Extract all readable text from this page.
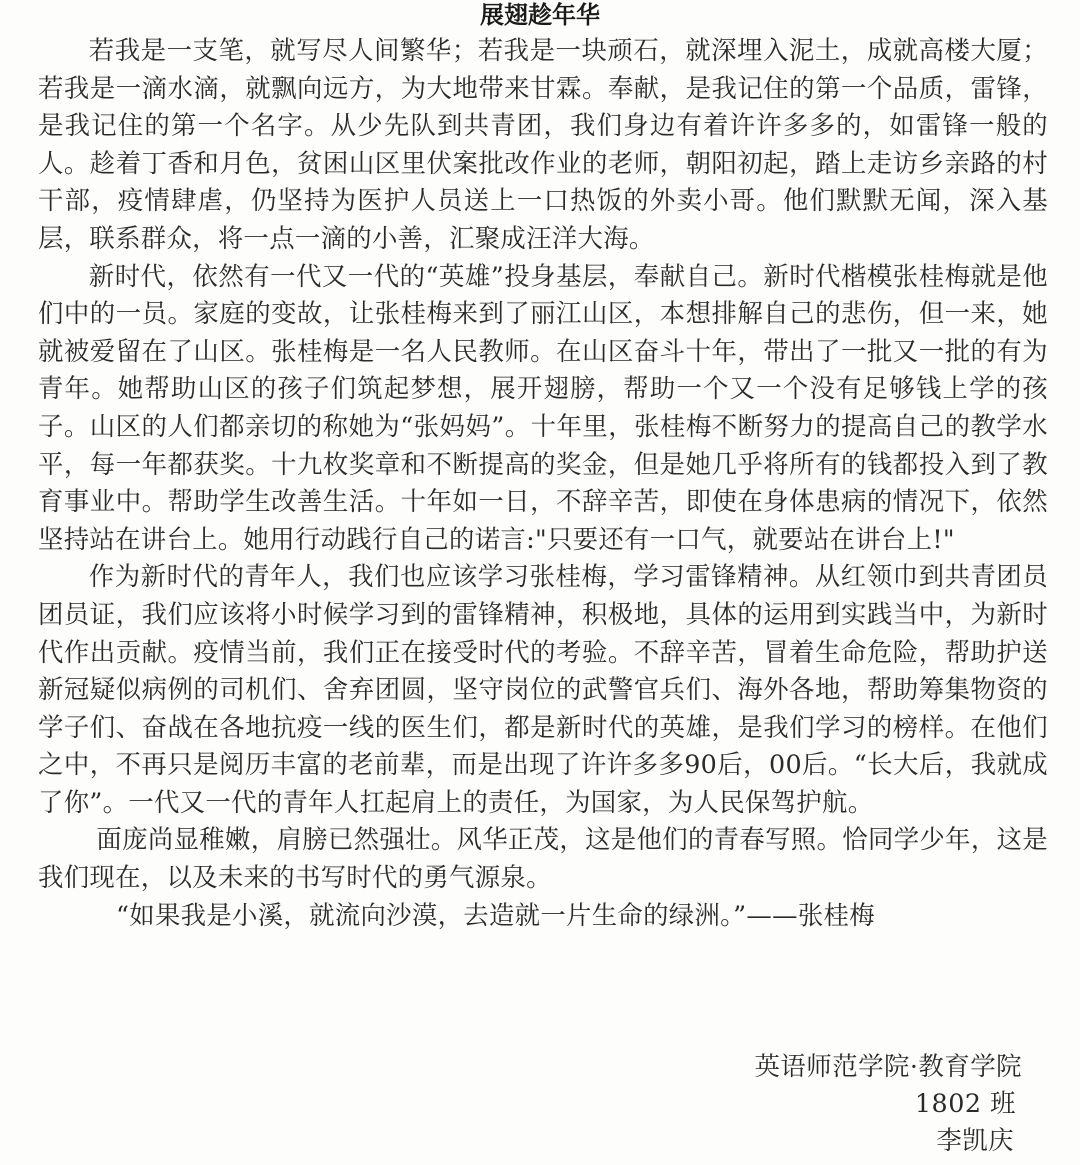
展翅趁年华

若我是一支笔，就写尽人间繁华；若我是一块顽石，就深埋入泥土，成就高楼大厦；若我是一滴水滴，就飘向远方，为大地带来甘霖。奉献，是我记住的第一个品质，雷锋，是我记住的第一个名字。从少先队到共青团，我们身边有着许许多多的，如雷锋一般的人。趁着丁香和月色，贫困山区里伏案批改作业的老师，朝阳初起，踏上走访乡亲路的村干部，疫情肆虐，仍坚持为医护人员送上一口热饭的外卖小哥。他们默默无闻，深入基层，联系群众，将一点一滴的小善，汇聚成汪洋大海。

新时代，依然有一代又一代的“英雄”投身基层，奉献自己。新时代楷模张桂梅就是他们中的一员。家庭的变故，让张桂梅来到了丽江山区，本想排解自己的悲伤，但一来，她就被爱留在了山区。张桂梅是一名人民教师。在山区奋斗十年，带出了一批又一批的有为青年。她帮助山区的孩子们筑起梦想，展开翅膀，帮助一个又一个没有足够钱上学的孩子。山区的人们都亲切的称她为“张妈妈”。十年里，张桂梅不断努力的提高自己的教学水平，每一年都获奖。十九枚奖章和不断提高的奖金，但是她几乎将所有的钱都投入到了教育事业中。帮助学生改善生活。十年如一日，不辞辛苦，即使在身体患病的情况下，依然坚持站在讲台上。她用行动践行自己的诺言:"只要还有一口气，就要站在讲台上!"

作为新时代的青年人，我们也应该学习张桂梅，学习雷锋精神。从红领巾到共青团员团员证，我们应该将小时候学习到的雷锋精神，积极地，具体的运用到实践当中，为新时代作出贡献。疫情当前，我们正在接受时代的考验。不辞辛苦，冒着生命危险，帮助护送新冠疑似病例的司机们、舍弃团圆，坚守岗位的武警官兵们、海外各地，帮助筹集物资的学子们、奋战在各地抗疫一线的医生们，都是新时代的英雄，是我们学习的榜样。在他们之中，不再只是阅历丰富的老前辈，而是出现了许许多多90后，00后。“长大后，我就成了你”。一代又一代的青年人扛起肩上的责任，为国家，为人民保驾护航。

面庞尚显稚嫩，肩膀已然强壮。风华正茂，这是他们的青春写照。恰同学少年，这是我们现在，以及未来的书写时代的勇气源泉。

“如果我是小溪，就流向沙漠，去造就一片生命的绿洲。”——张桂梅

英语师范学院·教育学院
1802 班
李凯庆
